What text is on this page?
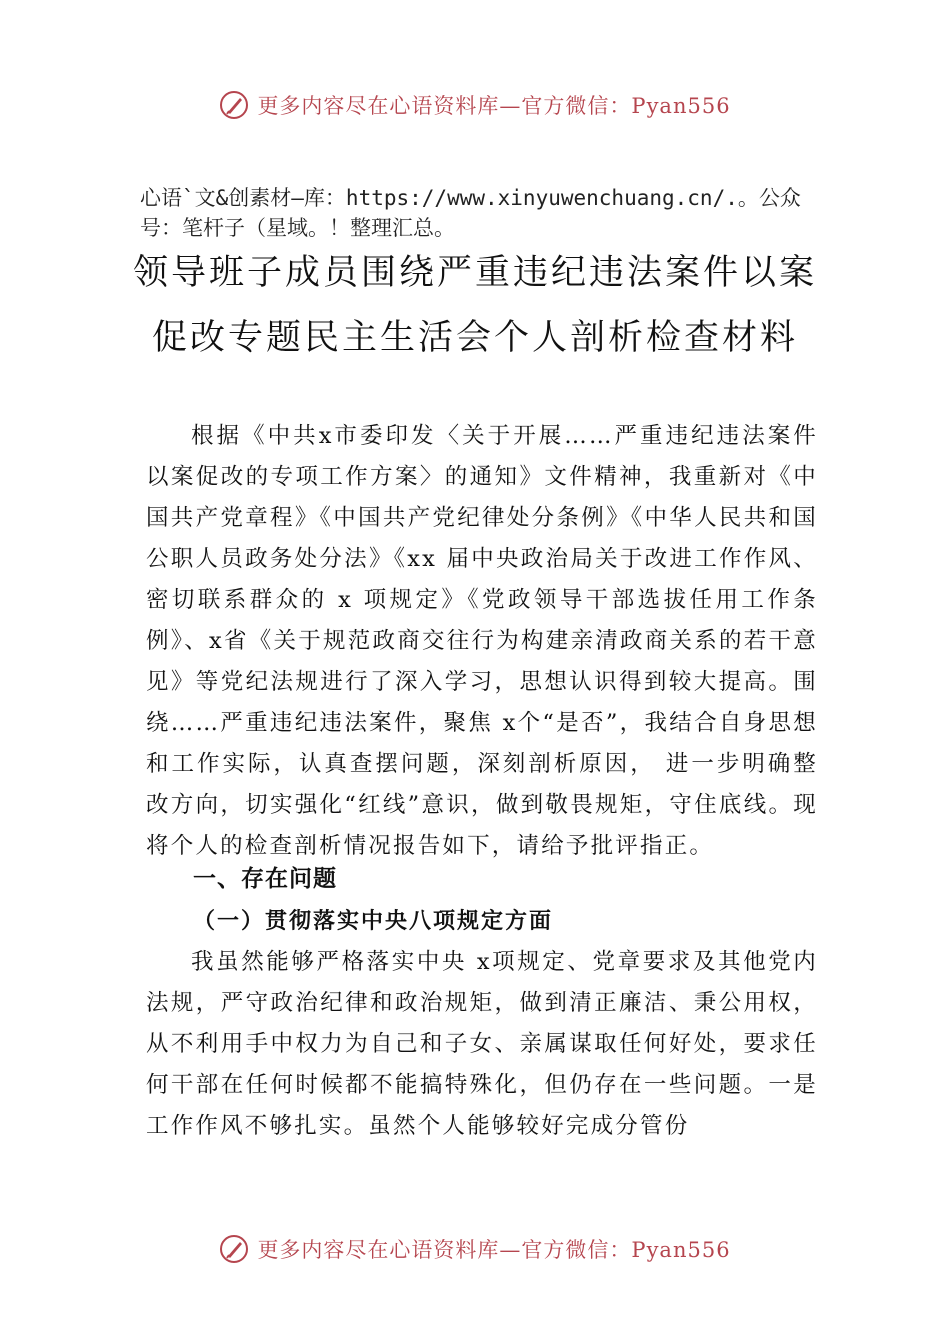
更多内容尽在心语资料库—官方微信：Pyan556
心语`文&创素材—库：https://www.xinyuwenchuang.cn/.。公众号：笔杆子（星域。！整理汇总。
领导班子成员围绕严重违纪违法案件以案
促改专题民主生活会个人剖析检查材料
根据《中共x市委印发〈关于开展……严重违纪违法案件以案促改的专项工作方案〉的通知》文件精神，我重新对《中国共产党章程》《中国共产党纪律处分条例》《中华人民共和国公职人员政务处分法》《xx 届中央政治局关于改进工作作风、密切联系群众的 x 项规定》《党政领导干部选拔任用工作条例》、x省《关于规范政商交往行为构建亲清政商关系的若干意见》等党纪法规进行了深入学习，思想认识得到较大提高。围绕……严重违纪违法案件，聚焦 x个“是否”，我结合自身思想和工作实际，认真查摆问题，深刻剖析原因， 进一步明确整改方向，切实强化“红线”意识，做到敬畏规矩，守住底线。现将个人的检查剖析情况报告如下，请给予批评指正。
一、存在问题
（一）贯彻落实中央八项规定方面
我虽然能够严格落实中央 x项规定、党章要求及其他党内法规，严守政治纪律和政治规矩，做到清正廉洁、秉公用权，从不利用手中权力为自己和子女、亲属谋取任何好处，要求任何干部在任何时候都不能搞特殊化，但仍存在一些问题。一是工作作风不够扎实。虽然个人能够较好完成分管份
更多内容尽在心语资料库—官方微信：Pyan556
